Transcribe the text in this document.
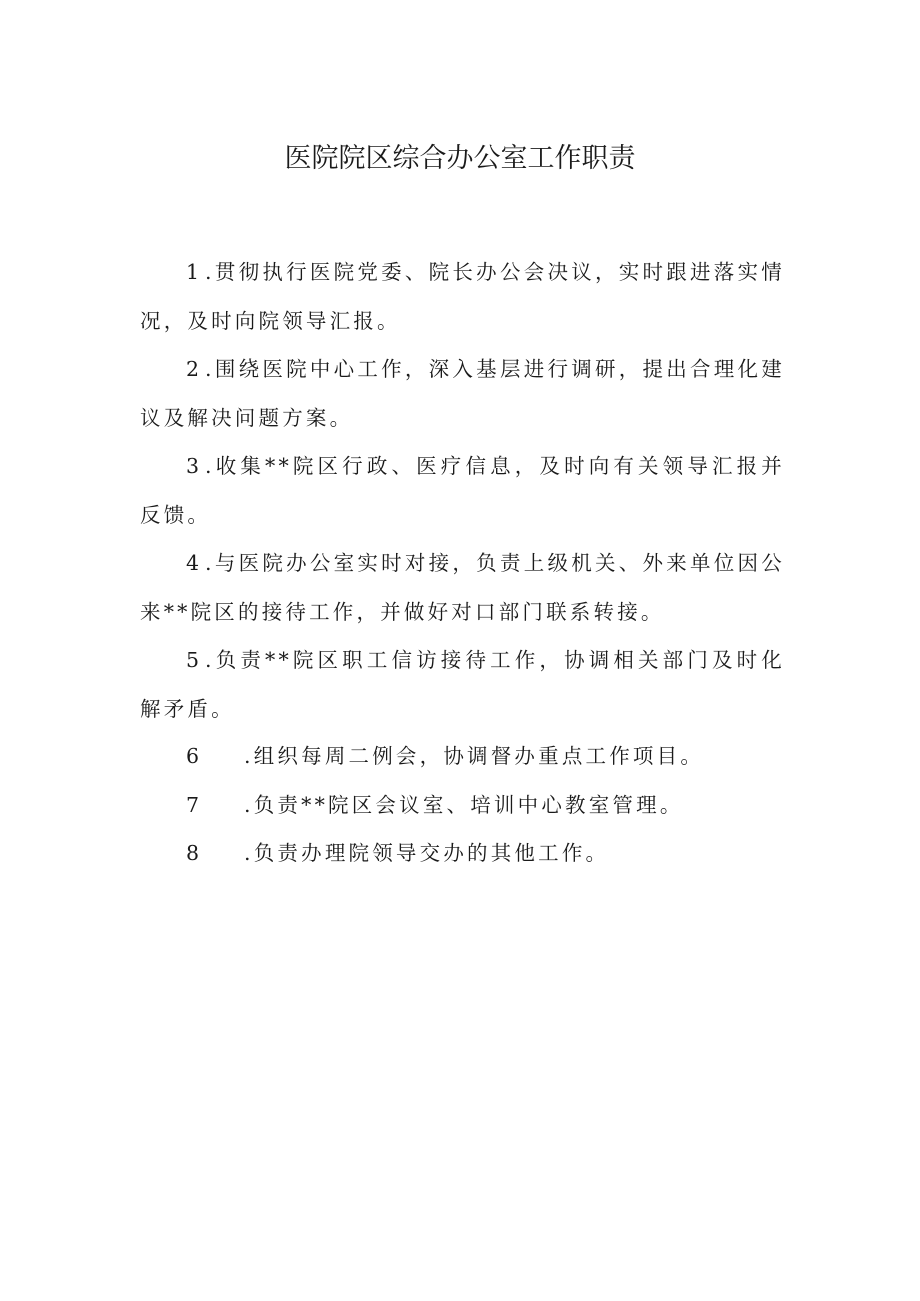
医院院区综合办公室工作职责

1.贯彻执行医院党委、院长办公会决议，实时跟进落实情况，及时向院领导汇报。

2.围绕医院中心工作，深入基层进行调研，提出合理化建议及解决问题方案。

3.收集**院区行政、医疗信息，及时向有关领导汇报并反馈。

4.与医院办公室实时对接，负责上级机关、外来单位因公来**院区的接待工作，并做好对口部门联系转接。

5.负责**院区职工信访接待工作，协调相关部门及时化解矛盾。

6 .组织每周二例会，协调督办重点工作项目。

7 .负责**院区会议室、培训中心教室管理。

8 .负责办理院领导交办的其他工作。
